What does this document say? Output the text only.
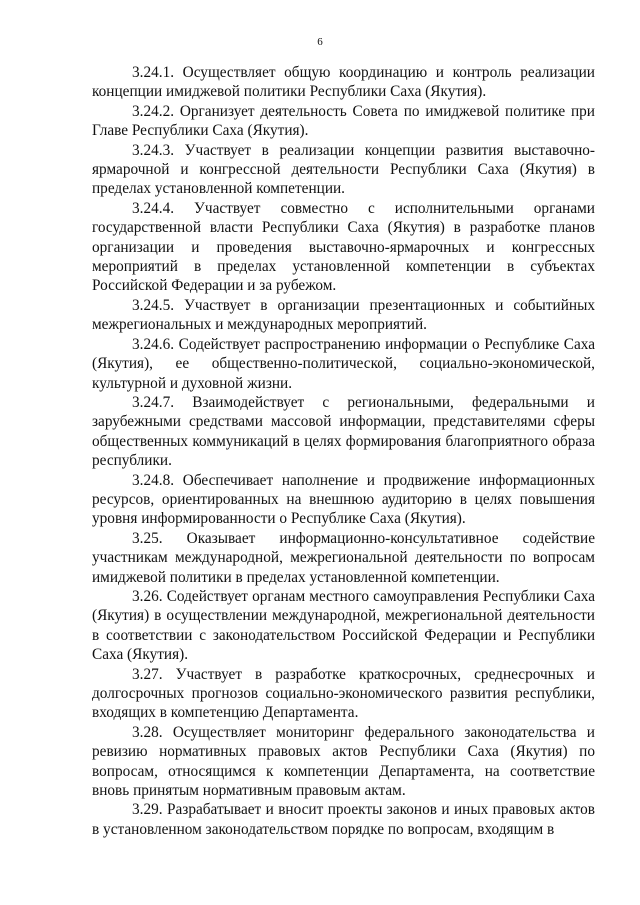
6

3.24.1. Осуществляет общую координацию и контроль реализации концепции имиджевой политики Республики Саха (Якутия).

3.24.2. Организует деятельность Совета по имиджевой политике при Главе Республики Саха (Якутия).

3.24.3. Участвует в реализации концепции развития выставочно-ярмарочной и конгрессной деятельности Республики Саха (Якутия) в пределах установленной компетенции.

3.24.4. Участвует совместно с исполнительными органами государственной власти Республики Саха (Якутия) в разработке планов организации и проведения выставочно-ярмарочных и конгрессных мероприятий в пределах установленной компетенции в субъектах Российской Федерации и за рубежом.

3.24.5. Участвует в организации презентационных и событийных межрегиональных и международных мероприятий.

3.24.6. Содействует распространению информации о Республике Саха (Якутия), ее общественно-политической, социально-экономической, культурной и духовной жизни.

3.24.7. Взаимодействует с региональными, федеральными и зарубежными средствами массовой информации, представителями сферы общественных коммуникаций в целях формирования благоприятного образа республики.

3.24.8. Обеспечивает наполнение и продвижение информационных ресурсов, ориентированных на внешнюю аудиторию в целях повышения уровня информированности о Республике Саха (Якутия).

3.25. Оказывает информационно-консультативное содействие участникам международной, межрегиональной деятельности по вопросам имиджевой политики в пределах установленной компетенции.

3.26. Содействует органам местного самоуправления Республики Саха (Якутия) в осуществлении международной, межрегиональной деятельности в соответствии с законодательством Российской Федерации и Республики Саха (Якутия).

3.27. Участвует в разработке краткосрочных, среднесрочных и долгосрочных прогнозов социально-экономического развития республики, входящих в компетенцию Департамента.

3.28. Осуществляет мониторинг федерального законодательства и ревизию нормативных правовых актов Республики Саха (Якутия) по вопросам, относящимся к компетенции Департамента, на соответствие вновь принятым нормативным правовым актам.

3.29. Разрабатывает и вносит проекты законов и иных правовых актов в установленном законодательством порядке по вопросам, входящим в
